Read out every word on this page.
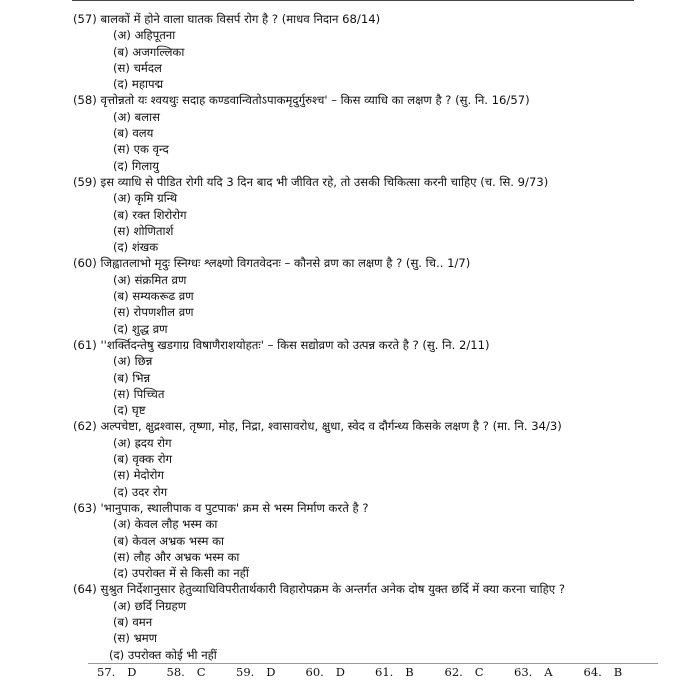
(57) बालकों में होने वाला घातक विसर्प रोग है ? (माधव निदान 68/14)
(अ) अहिपूतना
(ब) अजगल्लिका
(स) चर्मदल
(द) महापद्म
(58) वृत्तोन्नतो यः श्वयथुः सदाह कण्डवान्वितोऽपाकमृदुर्गुरुश्च' – किस व्याधि का लक्षण है ? (सु. नि. 16/57)
(अ) बलास
(ब) वलय
(स) एक वृन्द
(द) गिलायु
(59) इस व्याधि से पीडित रोगी यदि 3 दिन बाद भी जीवित रहे, तो उसकी चिकित्सा करनी चाहिए (च. सि. 9/73)
(अ) कृमि ग्रन्थि
(ब) रक्त शिरोरोग
(स) शोणितार्श
(द) शंखक
(60) जिह्वातलाभो मृदुः स्निग्धः श्लक्ष्णो विगतवेदनः – कौनसे व्रण का लक्षण है ? (सु. चि.. 1/7)
(अ) संक्रमित व्रण
(ब) सम्यकरूढ व्रण
(स) रोपणशील व्रण
(द) शुद्ध व्रण
(61) ''शर्क्तिदन्तेषु खडगाग्र विषाणैराशयोहतः' – किस सद्योव्रण को उत्पन्न करते है ? (सु. नि. 2/11)
(अ) छिन्न
(ब) भिन्न
(स) पिच्चित
(द) घृष्ट
(62) अल्पचेष्टा, क्षुद्रश्वास, तृष्णा, मोह, निद्रा, श्वासावरोध, क्षुधा, स्वेद व दौर्गन्ध्य किसके लक्षण है ? (मा. नि. 34/3)
(अ) ह्रदय रोग
(ब) वृक्क रोग
(स) मेदोरोग
(द) उदर रोग
(63) 'भानुपाक, स्थालीपाक व पुटपाक' क्रम से भस्म निर्माण करते है ?
(अ) केवल लौह भस्म का
(ब) केवल अभ्रक भस्म का
(स) लौह और अभ्रक भस्म का
(द) उपरोक्त में से किसी का नहीं
(64) सुश्रुत निर्देशानुसार हेतुव्याधिविपरीतार्थकारी विहारोपक्रम के अन्तर्गत अनेक दोष युक्त छर्दि में क्या करना चाहिए ?
(अ) छर्दि निग्रहण
(ब) वमन
(स) भ्रमण
(द) उपरोक्त कोई भी नहीं
57. D	58. C	59. D	60. D	61. B	62. C	63. A	64. B
